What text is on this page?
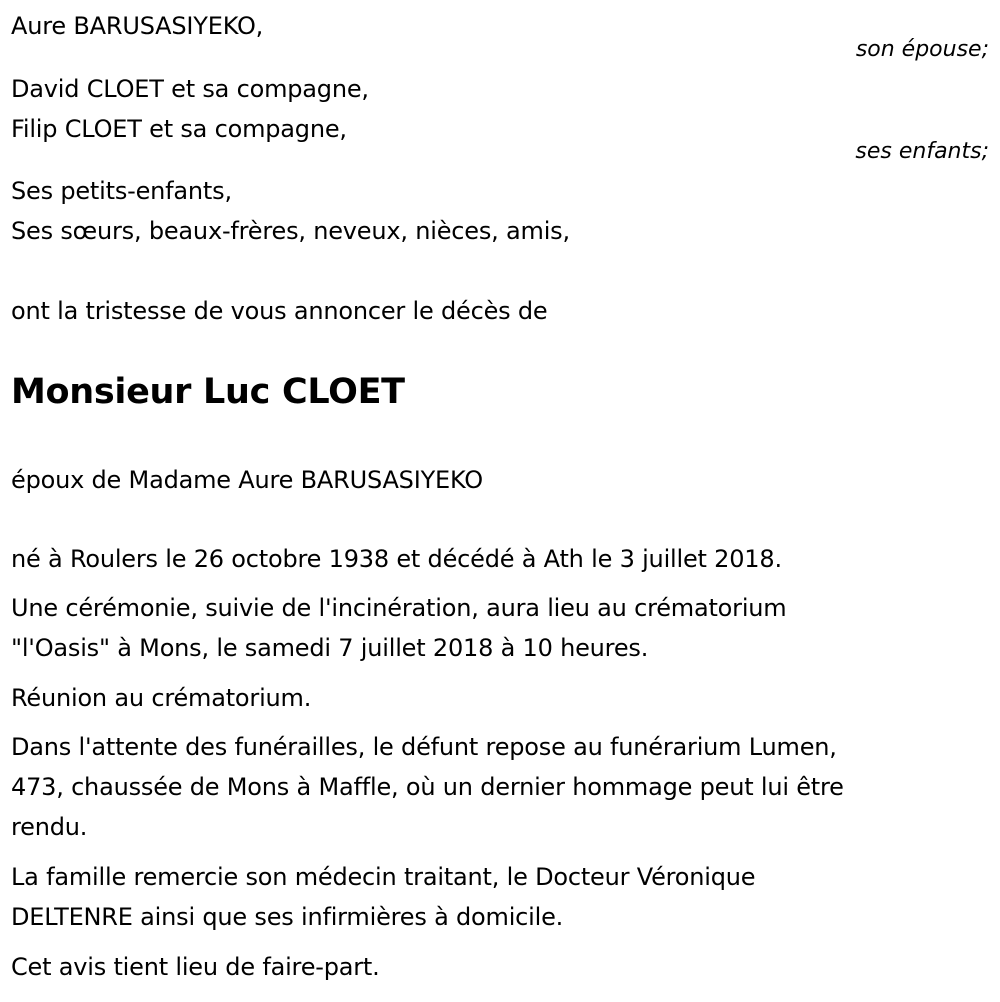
Aure BARUSASIYEKO,
son épouse;
David CLOET et sa compagne,
Filip CLOET et sa compagne,
ses enfants;
Ses petits-enfants,
Ses sœurs, beaux-frères, neveux, nièces, amis,
ont la tristesse de vous annoncer le décès de
Monsieur Luc CLOET
époux de Madame Aure BARUSASIYEKO
né à Roulers le 26 octobre 1938 et décédé à Ath le 3 juillet 2018.
Une cérémonie, suivie de l'incinération, aura lieu au crématorium
"l'Oasis" à Mons, le samedi 7 juillet 2018 à 10 heures.
Réunion au crématorium.
Dans l'attente des funérailles, le défunt repose au funérarium Lumen,
473, chaussée de Mons à Maffle, où un dernier hommage peut lui être
rendu.
La famille remercie son médecin traitant, le Docteur Véronique
DELTENRE ainsi que ses infirmières à domicile.
Cet avis tient lieu de faire-part.
